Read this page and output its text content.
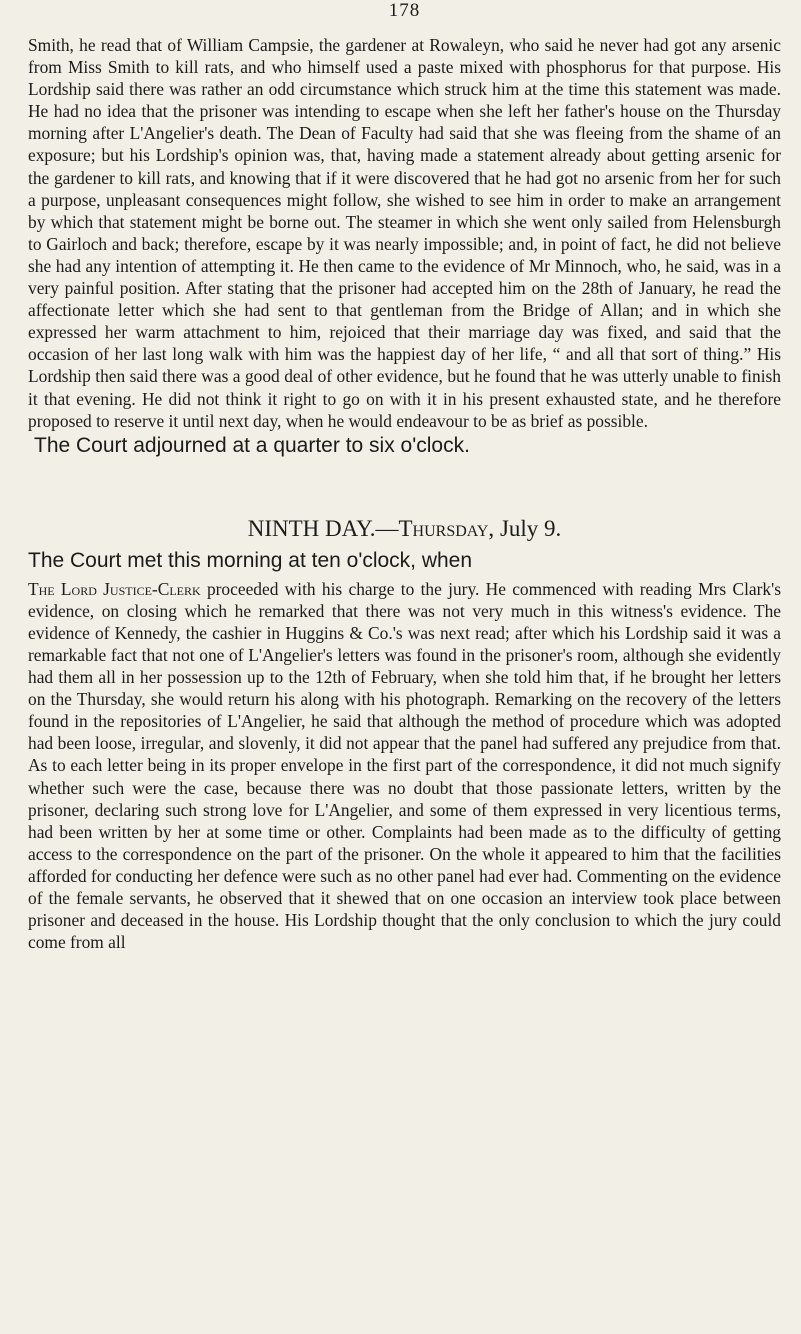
178

Smith, he read that of William Campsie, the gardener at Rowaleyn, who said he never had got any arsenic from Miss Smith to kill rats, and who himself used a paste mixed with phosphorus for that purpose. His Lordship said there was rather an odd circumstance which struck him at the time this statement was made. He had no idea that the prisoner was intending to escape when she left her father's house on the Thursday morning after L'Angelier's death. The Dean of Faculty had said that she was fleeing from the shame of an exposure; but his Lordship's opinion was, that, having made a statement already about getting arsenic for the gardener to kill rats, and knowing that if it were discovered that he had got no arsenic from her for such a purpose, unpleasant consequences might follow, she wished to see him in order to make an arrangement by which that statement might be borne out. The steamer in which she went only sailed from Helensburgh to Gairloch and back; therefore, escape by it was nearly impossible; and, in point of fact, he did not believe she had any intention of attempting it. He then came to the evidence of Mr Minnoch, who, he said, was in a very painful position. After stating that the prisoner had accepted him on the 28th of January, he read the affectionate letter which she had sent to that gentleman from the Bridge of Allan; and in which she expressed her warm attachment to him, rejoiced that their marriage day was fixed, and said that the occasion of her last long walk with him was the happiest day of her life, “ and all that sort of thing.” His Lordship then said there was a good deal of other evidence, but he found that he was utterly unable to finish it that evening. He did not think it right to go on with it in his present exhausted state, and he therefore proposed to reserve it until next day, when he would endeavour to be as brief as possible.

The Court adjourned at a quarter to six o'clock.

NINTH DAY.—Thursday, July 9.

The Court met this morning at ten o'clock, when

The Lord Justice-Clerk proceeded with his charge to the jury. He commenced with reading Mrs Clark's evidence, on closing which he remarked that there was not very much in this witness's evidence. The evidence of Kennedy, the cashier in Huggins & Co.'s was next read; after which his Lordship said it was a remarkable fact that not one of L'Angelier's letters was found in the prisoner's room, although she evidently had them all in her possession up to the 12th of February, when she told him that, if he brought her letters on the Thursday, she would return his along with his photograph. Remarking on the recovery of the letters found in the repositories of L'Angelier, he said that although the method of procedure which was adopted had been loose, irregular, and slovenly, it did not appear that the panel had suffered any prejudice from that. As to each letter being in its proper envelope in the first part of the correspondence, it did not much signify whether such were the case, because there was no doubt that those passionate letters, written by the prisoner, declaring such strong love for L'Angelier, and some of them expressed in very licentious terms, had been written by her at some time or other. Complaints had been made as to the difficulty of getting access to the correspondence on the part of the prisoner. On the whole it appeared to him that the facilities afforded for conducting her defence were such as no other panel had ever had. Commenting on the evidence of the female servants, he observed that it shewed that on one occasion an interview took place between prisoner and deceased in the house. His Lordship thought that the only conclusion to which the jury could come from all
